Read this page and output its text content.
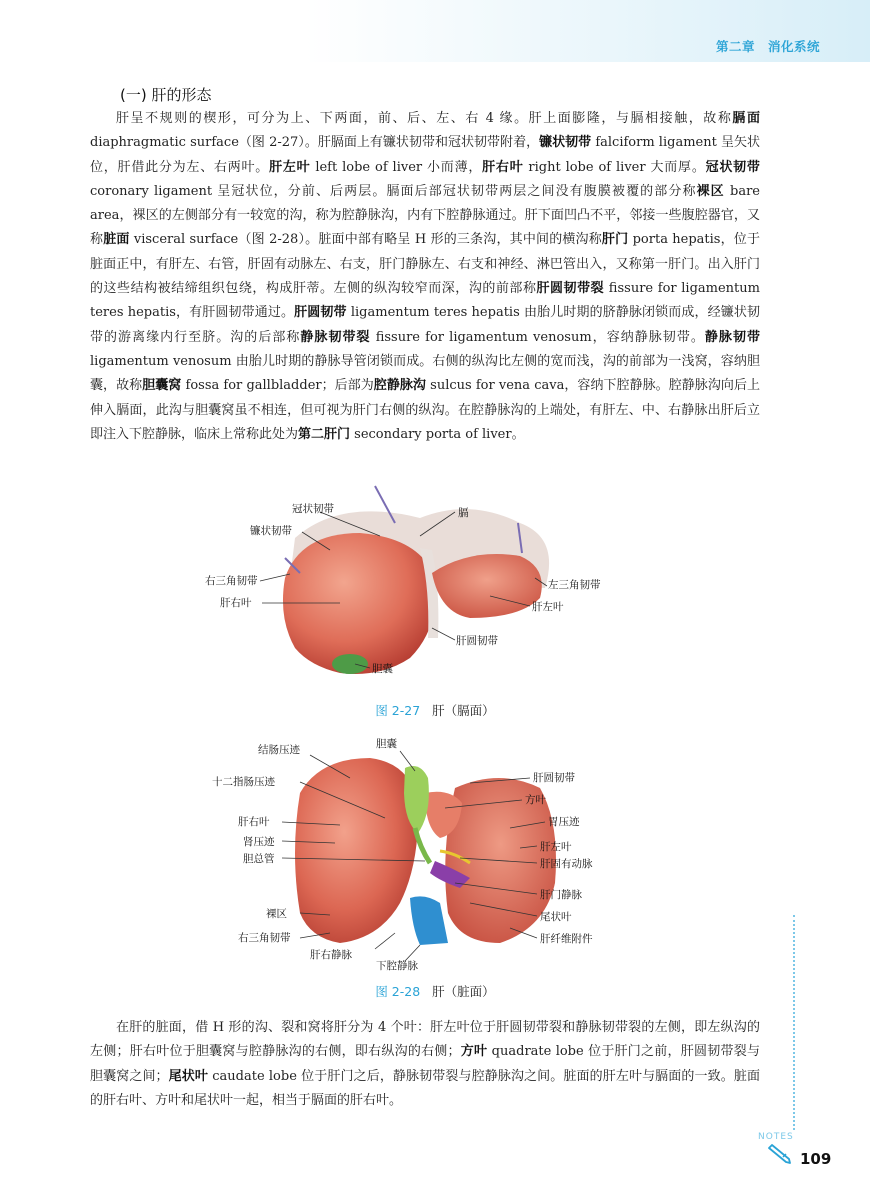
第二章　消化系统
(一) 肝的形态
肝呈不规则的楔形，可分为上、下两面，前、后、左、右 4 缘。肝上面膨隆，与膈相接触，故称膈面 diaphragmatic surface（图 2-27）。肝膈面上有镰状韧带和冠状韧带附着，镰状韧带 falciform ligament 呈矢状位，肝借此分为左、右两叶。肝左叶 left lobe of liver 小而薄，肝右叶 right lobe of liver 大而厚。冠状韧带 coronary ligament 呈冠状位，分前、后两层。膈面后部冠状韧带两层之间没有腹膜被覆的部分称裸区 bare area，裸区的左侧部分有一较宽的沟，称为腔静脉沟，内有下腔静脉通过。肝下面凹凸不平，邻接一些腹腔器官，又称脏面 visceral surface（图 2-28）。脏面中部有略呈 H 形的三条沟，其中间的横沟称肝门 porta hepatis，位于脏面正中，有肝左、右管，肝固有动脉左、右支，肝门静脉左、右支和神经、淋巴管出入，又称第一肝门。出入肝门的这些结构被结缔组织包绕，构成肝蒂。左侧的纵沟较窄而深，沟的前部称肝圆韧带裂 fissure for ligamentum teres hepatis，有肝圆韧带通过。肝圆韧带 ligamentum teres hepatis 由胎儿时期的脐静脉闭锁而成，经镰状韧带的游离缘内行至脐。沟的后部称静脉韧带裂 fissure for ligamentum venosum，容纳静脉韧带。静脉韧带 ligamentum venosum 由胎儿时期的静脉导管闭锁而成。右侧的纵沟比左侧的宽而浅，沟的前部为一浅窝，容纳胆囊，故称胆囊窝 fossa for gallbladder；后部为腔静脉沟 sulcus for vena cava，容纳下腔静脉。腔静脉沟向后上伸入膈面，此沟与胆囊窝虽不相连，但可视为肝门右侧的纵沟。在腔静脉沟的上端处，有肝左、中、右静脉出肝后立即注入下腔静脉，临床上常称此处为第二肝门 secondary porta of liver。
冠状韧带
镰状韧带
膈
右三角韧带
肝右叶
左三角韧带
肝左叶
肝圆韧带
胆囊
图 2-27 肝（膈面）
结肠压迹	胆囊
十二指肠压迹	肝圆韧带
方叶
胃压迹
肝右叶
肾压迹	肝左叶
胆总管	肝固有动脉
肝门静脉
裸区	尾状叶
右三角韧带	肝纤维附件
肝右静脉
下腔静脉
图 2-28 肝（脏面）
在肝的脏面，借 H 形的沟、裂和窝将肝分为 4 个叶：肝左叶位于肝圆韧带裂和静脉韧带裂的左侧，即左纵沟的左侧；肝右叶位于胆囊窝与腔静脉沟的右侧，即右纵沟的右侧；方叶 quadrate lobe 位于肝门之前，肝圆韧带裂与胆囊窝之间；尾状叶 caudate lobe 位于肝门之后，静脉韧带裂与腔静脉沟之间。脏面的肝左叶与膈面的一致。脏面的肝右叶、方叶和尾状叶一起，相当于膈面的肝右叶。
NOTES
109
